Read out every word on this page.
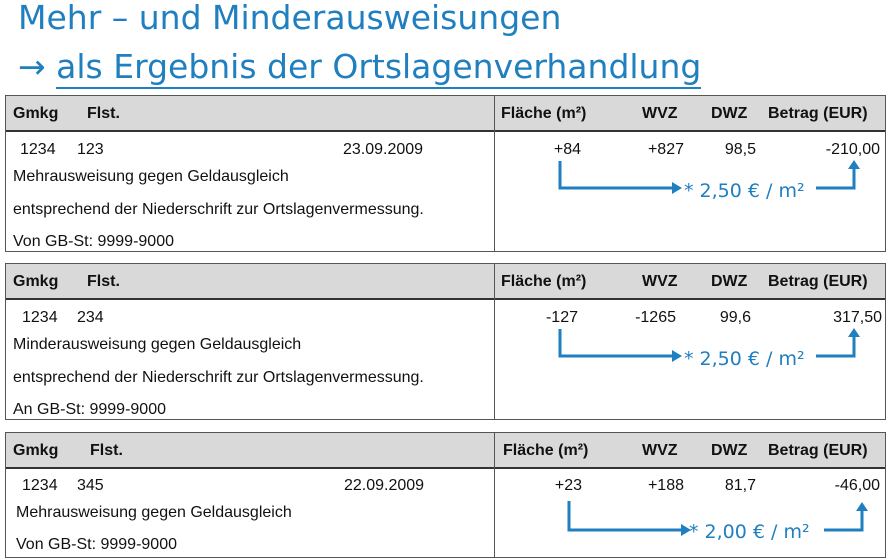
Mehr – und Minderausweisungen
→ als Ergebnis der Ortslagenverhandlung
Gmkg Flst.	Fläche (m²)	WVZ DWZ Betrag (EUR)
1234 123	23.09.2009	+84	+827	98,5	-210,00
Mehrausweisung gegen Geldausgleich
entsprechend der Niederschrift zur Ortslagenvermessung.
Von GB-St: 9999-9000
* 2,50 € / m²
Gmkg Flst.	Fläche (m²)	WVZ DWZ Betrag (EUR)
1234 234	-127	-1265	99,6	317,50
Minderausweisung gegen Geldausgleich
entsprechend der Niederschrift zur Ortslagenvermessung.
An GB-St: 9999-9000
* 2,50 € / m²
Gmkg Flst.	Fläche (m²)	WVZ DWZ Betrag (EUR)
1234 345	22.09.2009	+23	+188	81,7	-46,00
Mehrausweisung gegen Geldausgleich
Von GB-St: 9999-9000
* 2,00 € / m²
